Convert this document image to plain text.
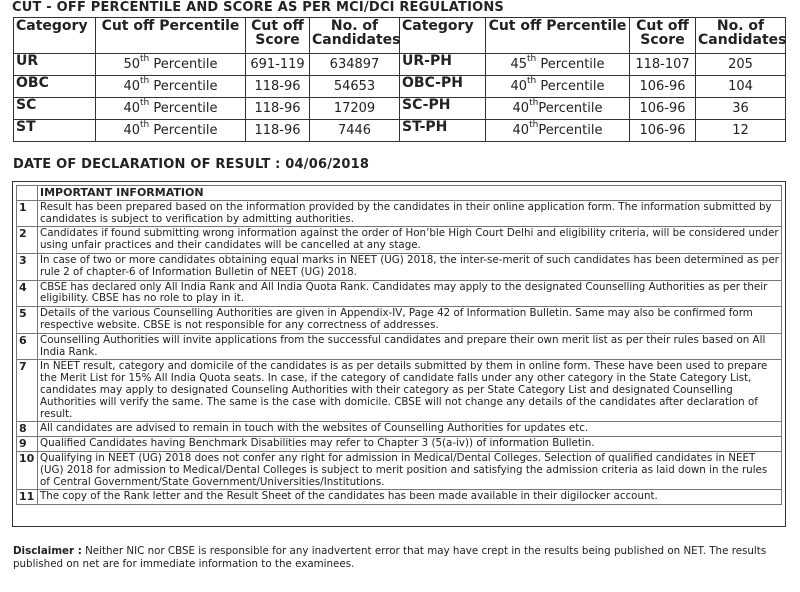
CUT - OFF PERCENTILE AND SCORE AS PER MCI/DCI REGULATIONS
Category	Cut off Percentile	Cut off Score	No. of Candidates	Category	Cut off Percentile	Cut off Score	No. of Candidates
UR	50th Percentile	691-119	634897	UR-PH	45th Percentile	118-107	205
OBC	40th Percentile	118-96	54653	OBC-PH	40th Percentile	106-96	104
SC	40th Percentile	118-96	17209	SC-PH	40thPercentile	106-96	36
ST	40th Percentile	118-96	7446	ST-PH	40thPercentile	106-96	12
DATE OF DECLARATION OF RESULT : 04/06/2018
	IMPORTANT INFORMATION
1	Result has been prepared based on the information provided by the candidates in their online application form. The information submitted by candidates is subject to verification by admitting authorities.
2	Candidates if found submitting wrong information against the order of Hon’ble High Court Delhi and eligibility criteria, will be considered under using unfair practices and their candidates will be cancelled at any stage.
3	In case of two or more candidates obtaining equal marks in NEET (UG) 2018, the inter-se-merit of such candidates has been determined as per rule 2 of chapter-6 of Information Bulletin of NEET (UG) 2018.
4	CBSE has declared only All India Rank and All India Quota Rank. Candidates may apply to the designated Counselling Authorities as per their eligibility. CBSE has no role to play in it.
5	Details of the various Counselling Authorities are given in Appendix-IV, Page 42 of Information Bulletin. Same may also be confirmed form respective website. CBSE is not responsible for any correctness of addresses.
6	Counselling Authorities will invite applications from the successful candidates and prepare their own merit list as per their rules based on All India Rank.
7	In NEET result, category and domicile of the candidates is as per details submitted by them in online form. These have been used to prepare the Merit List for 15% All India Quota seats. In case, if the category of candidate falls under any other category in the State Category List, candidates may apply to designated Counseling Authorities with their category as per State Category List and designated Counselling Authorities will verify the same. The same is the case with domicile. CBSE will not change any details of the candidates after declaration of result.
8	All candidates are advised to remain in touch with the websites of Counselling Authorities for updates etc.
9	Qualified Candidates having Benchmark Disabilities may refer to Chapter 3 (5(a-iv)) of information Bulletin.
10	Qualifying in NEET (UG) 2018 does not confer any right for admission in Medical/Dental Colleges. Selection of qualified candidates in NEET (UG) 2018 for admission to Medical/Dental Colleges is subject to merit position and satisfying the admission criteria as laid down in the rules of Central Government/State Government/Universities/Institutions.
11	The copy of the Rank letter and the Result Sheet of the candidates has been made available in their digilocker account.
Disclaimer : Neither NIC nor CBSE is responsible for any inadvertent error that may have crept in the results being published on NET. The results published on net are for immediate information to the examinees.
